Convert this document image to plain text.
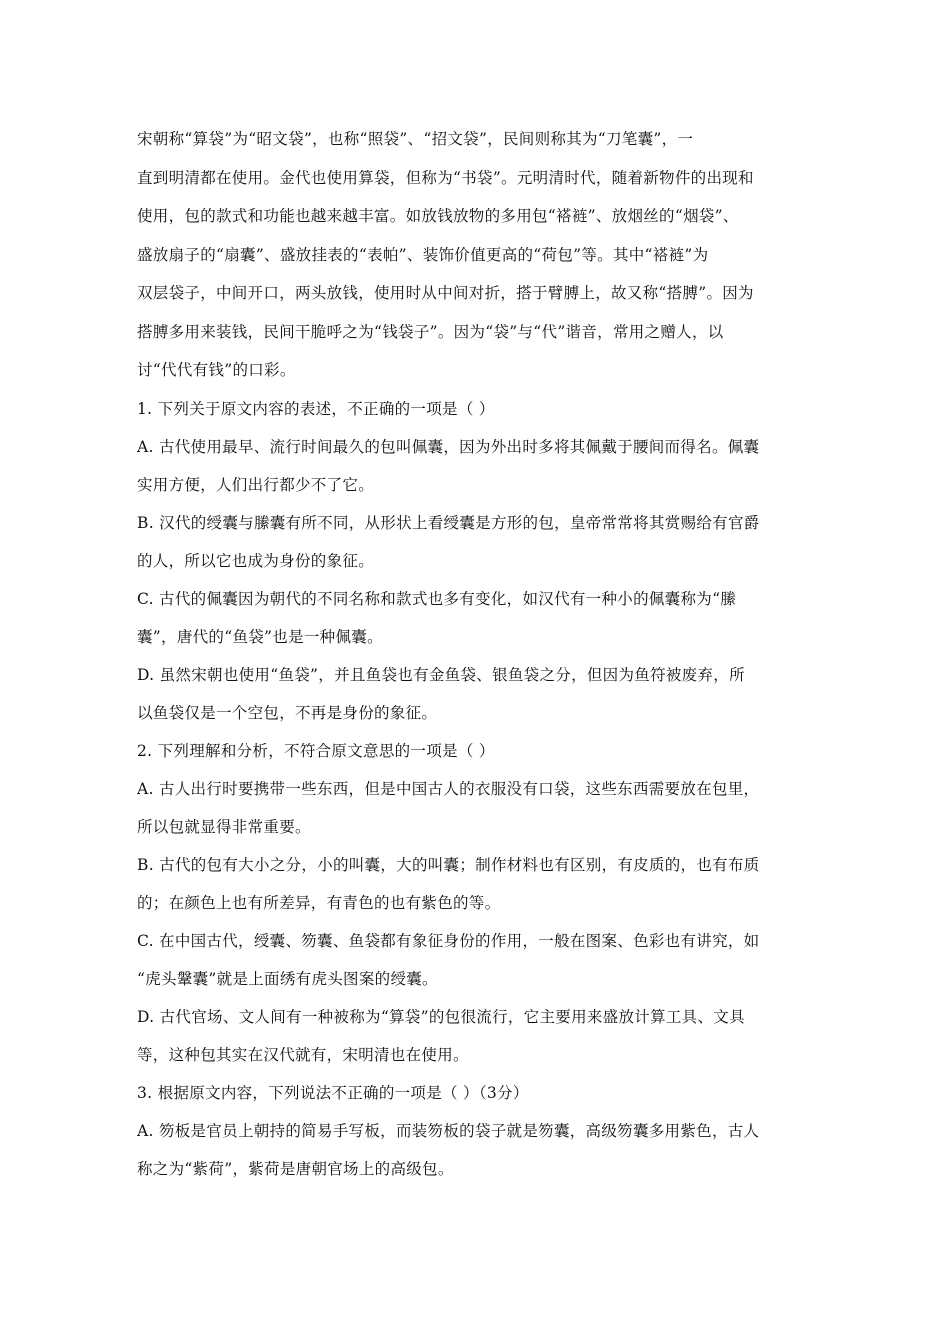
宋朝称“算袋”为“昭文袋”，也称“照袋”、“招文袋”，民间则称其为“刀笔囊”，一
直到明清都在使用。金代也使用算袋，但称为“书袋”。元明清时代，随着新物件的出现和
使用，包的款式和功能也越来越丰富。如放钱放物的多用包“褡裢”、放烟丝的“烟袋”、
盛放扇子的“扇囊”、盛放挂表的“表帕”、装饰价值更高的“荷包”等。其中“褡裢”为
双层袋子，中间开口，两头放钱，使用时从中间对折，搭于臂膊上，故又称“搭膊”。因为
搭膊多用来装钱，民间干脆呼之为“钱袋子”。因为“袋”与“代”谐音，常用之赠人，以
讨“代代有钱”的口彩。
1. 下列关于原文内容的表述，不正确的一项是（ ）
A. 古代使用最早、流行时间最久的包叫佩囊，因为外出时多将其佩戴于腰间而得名。佩囊
实用方便，人们出行都少不了它。
B. 汉代的绶囊与縢囊有所不同，从形状上看绶囊是方形的包，皇帝常常将其赏赐给有官爵
的人，所以它也成为身份的象征。
C. 古代的佩囊因为朝代的不同名称和款式也多有变化，如汉代有一种小的佩囊称为“縢
囊”，唐代的“鱼袋”也是一种佩囊。
D. 虽然宋朝也使用“鱼袋”，并且鱼袋也有金鱼袋、银鱼袋之分，但因为鱼符被废弃，所
以鱼袋仅是一个空包，不再是身份的象征。
2. 下列理解和分析，不符合原文意思的一项是（ ）
A. 古人出行时要携带一些东西，但是中国古人的衣服没有口袋，这些东西需要放在包里，
所以包就显得非常重要。
B. 古代的包有大小之分，小的叫囊，大的叫囊；制作材料也有区别，有皮质的，也有布质
的；在颜色上也有所差异，有青色的也有紫色的等。
C. 在中国古代，绶囊、笏囊、鱼袋都有象征身份的作用，一般在图案、色彩也有讲究，如
“虎头鞶囊”就是上面绣有虎头图案的绶囊。
D. 古代官场、文人间有一种被称为“算袋”的包很流行，它主要用来盛放计算工具、文具
等，这种包其实在汉代就有，宋明清也在使用。
3. 根据原文内容，下列说法不正确的一项是（ ）（3分）
A. 笏板是官员上朝持的简易手写板，而装笏板的袋子就是笏囊，高级笏囊多用紫色，古人
称之为“紫荷”，紫荷是唐朝官场上的高级包。
